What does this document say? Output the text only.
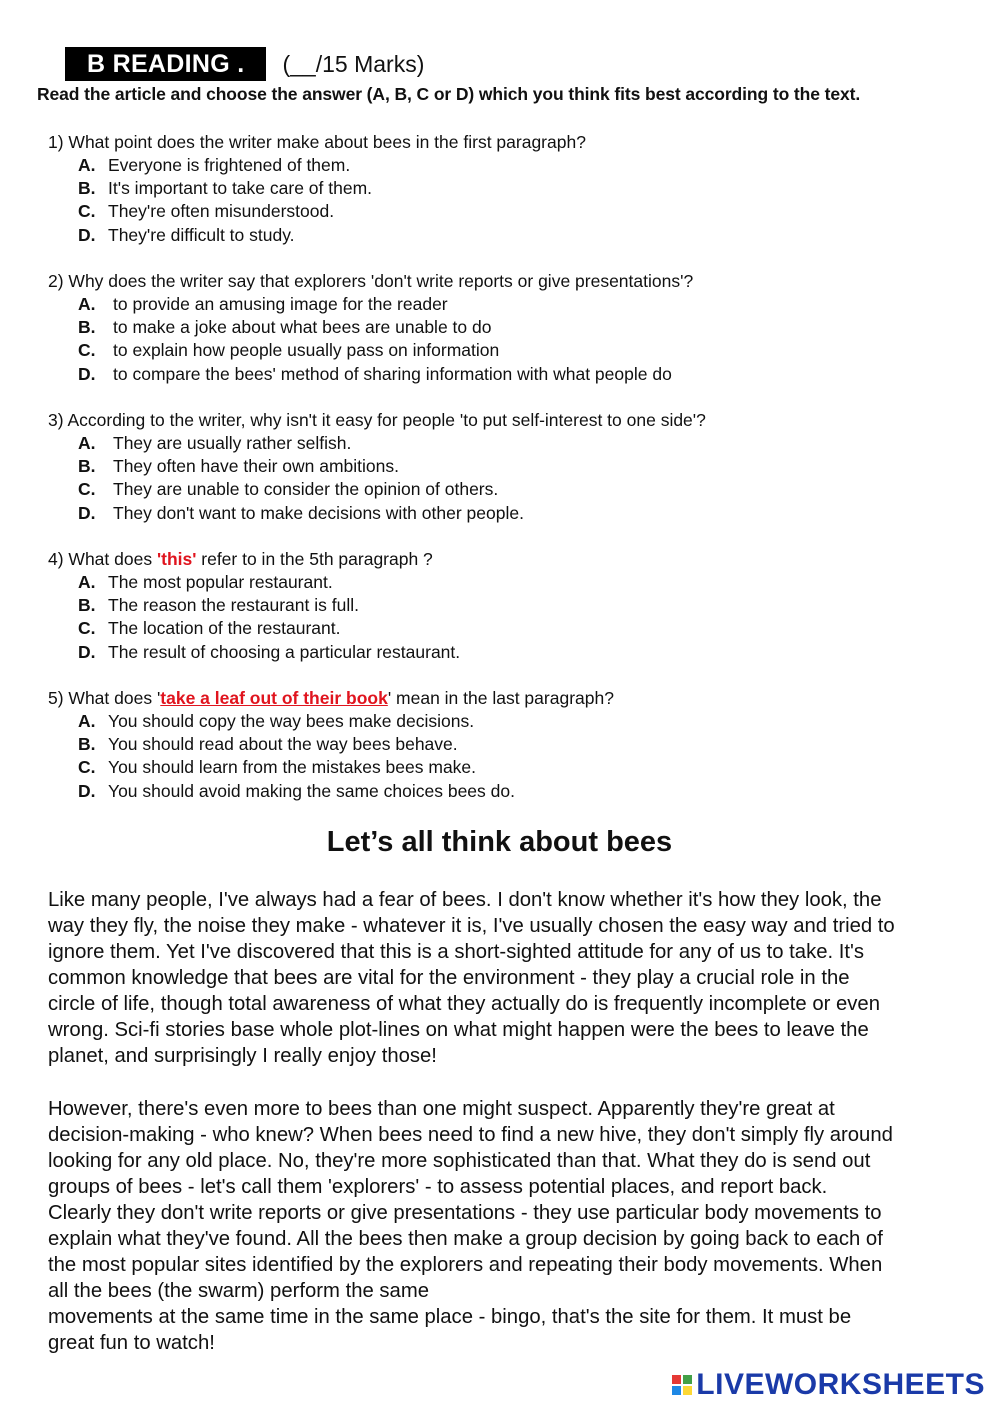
B READING .	(__/15 Marks)
Read the article and choose the answer (A, B, C or D) which you think fits best according to the text.
1) What point does the writer make about bees in the first paragraph?
A. Everyone is frightened of them.
B. It's important to take care of them.
C. They're often misunderstood.
D. They're difficult to study.
2) Why does the writer say that explorers 'don't write reports or give presentations'?
A.	to provide an amusing image for the reader
B.	to make a joke about what bees are unable to do
C.	to explain how people usually pass on information
D.	to compare the bees' method of sharing information with what people do
3) According to the writer, why isn't it easy for people 'to put self-interest to one side'?
A.	They are usually rather selfish.
B.	They often have their own ambitions.
C.	They are unable to consider the opinion of others.
D.	They don't want to make decisions with other people.
4) What does 'this' refer to in the 5th paragraph ?
A. The most popular restaurant.
B. The reason the restaurant is full.
C. The location of the restaurant.
D. The result of choosing a particular restaurant.
5) What does 'take a leaf out of their book' mean in the last paragraph?
A. You should copy the way bees make decisions.
B. You should read about the way bees behave.
C. You should learn from the mistakes bees make.
D. You should avoid making the same choices bees do.
Let’s all think about bees
Like many people, I've always had a fear of bees. I don't know whether it's how they look, the
way they fly, the noise they make - whatever it is, I've usually chosen the easy way and tried to
ignore them. Yet I've discovered that this is a short-sighted attitude for any of us to take. It's
common knowledge that bees are vital for the environment - they play a crucial role in the
circle of life, though total awareness of what they actually do is frequently incomplete or even
wrong. Sci-fi stories base whole plot-lines on what might happen were the bees to leave the
planet, and surprisingly I really enjoy those!
However, there's even more to bees than one might suspect. Apparently they're great at
decision-making - who knew? When bees need to find a new hive, they don't simply fly around
looking for any old place. No, they're more sophisticated than that. What they do is send out
groups of bees - let's call them 'explorers' - to assess potential places, and report back.
Clearly they don't write reports or give presentations - they use particular body movements to
explain what they've found. All the bees then make a group decision by going back to each of
the most popular sites identified by the explorers and repeating their body movements. When
all the bees (the swarm) perform the same
movements at the same time in the same place - bingo, that's the site for them. It must be
great fun to watch!
LIVEWORKSHEETS
